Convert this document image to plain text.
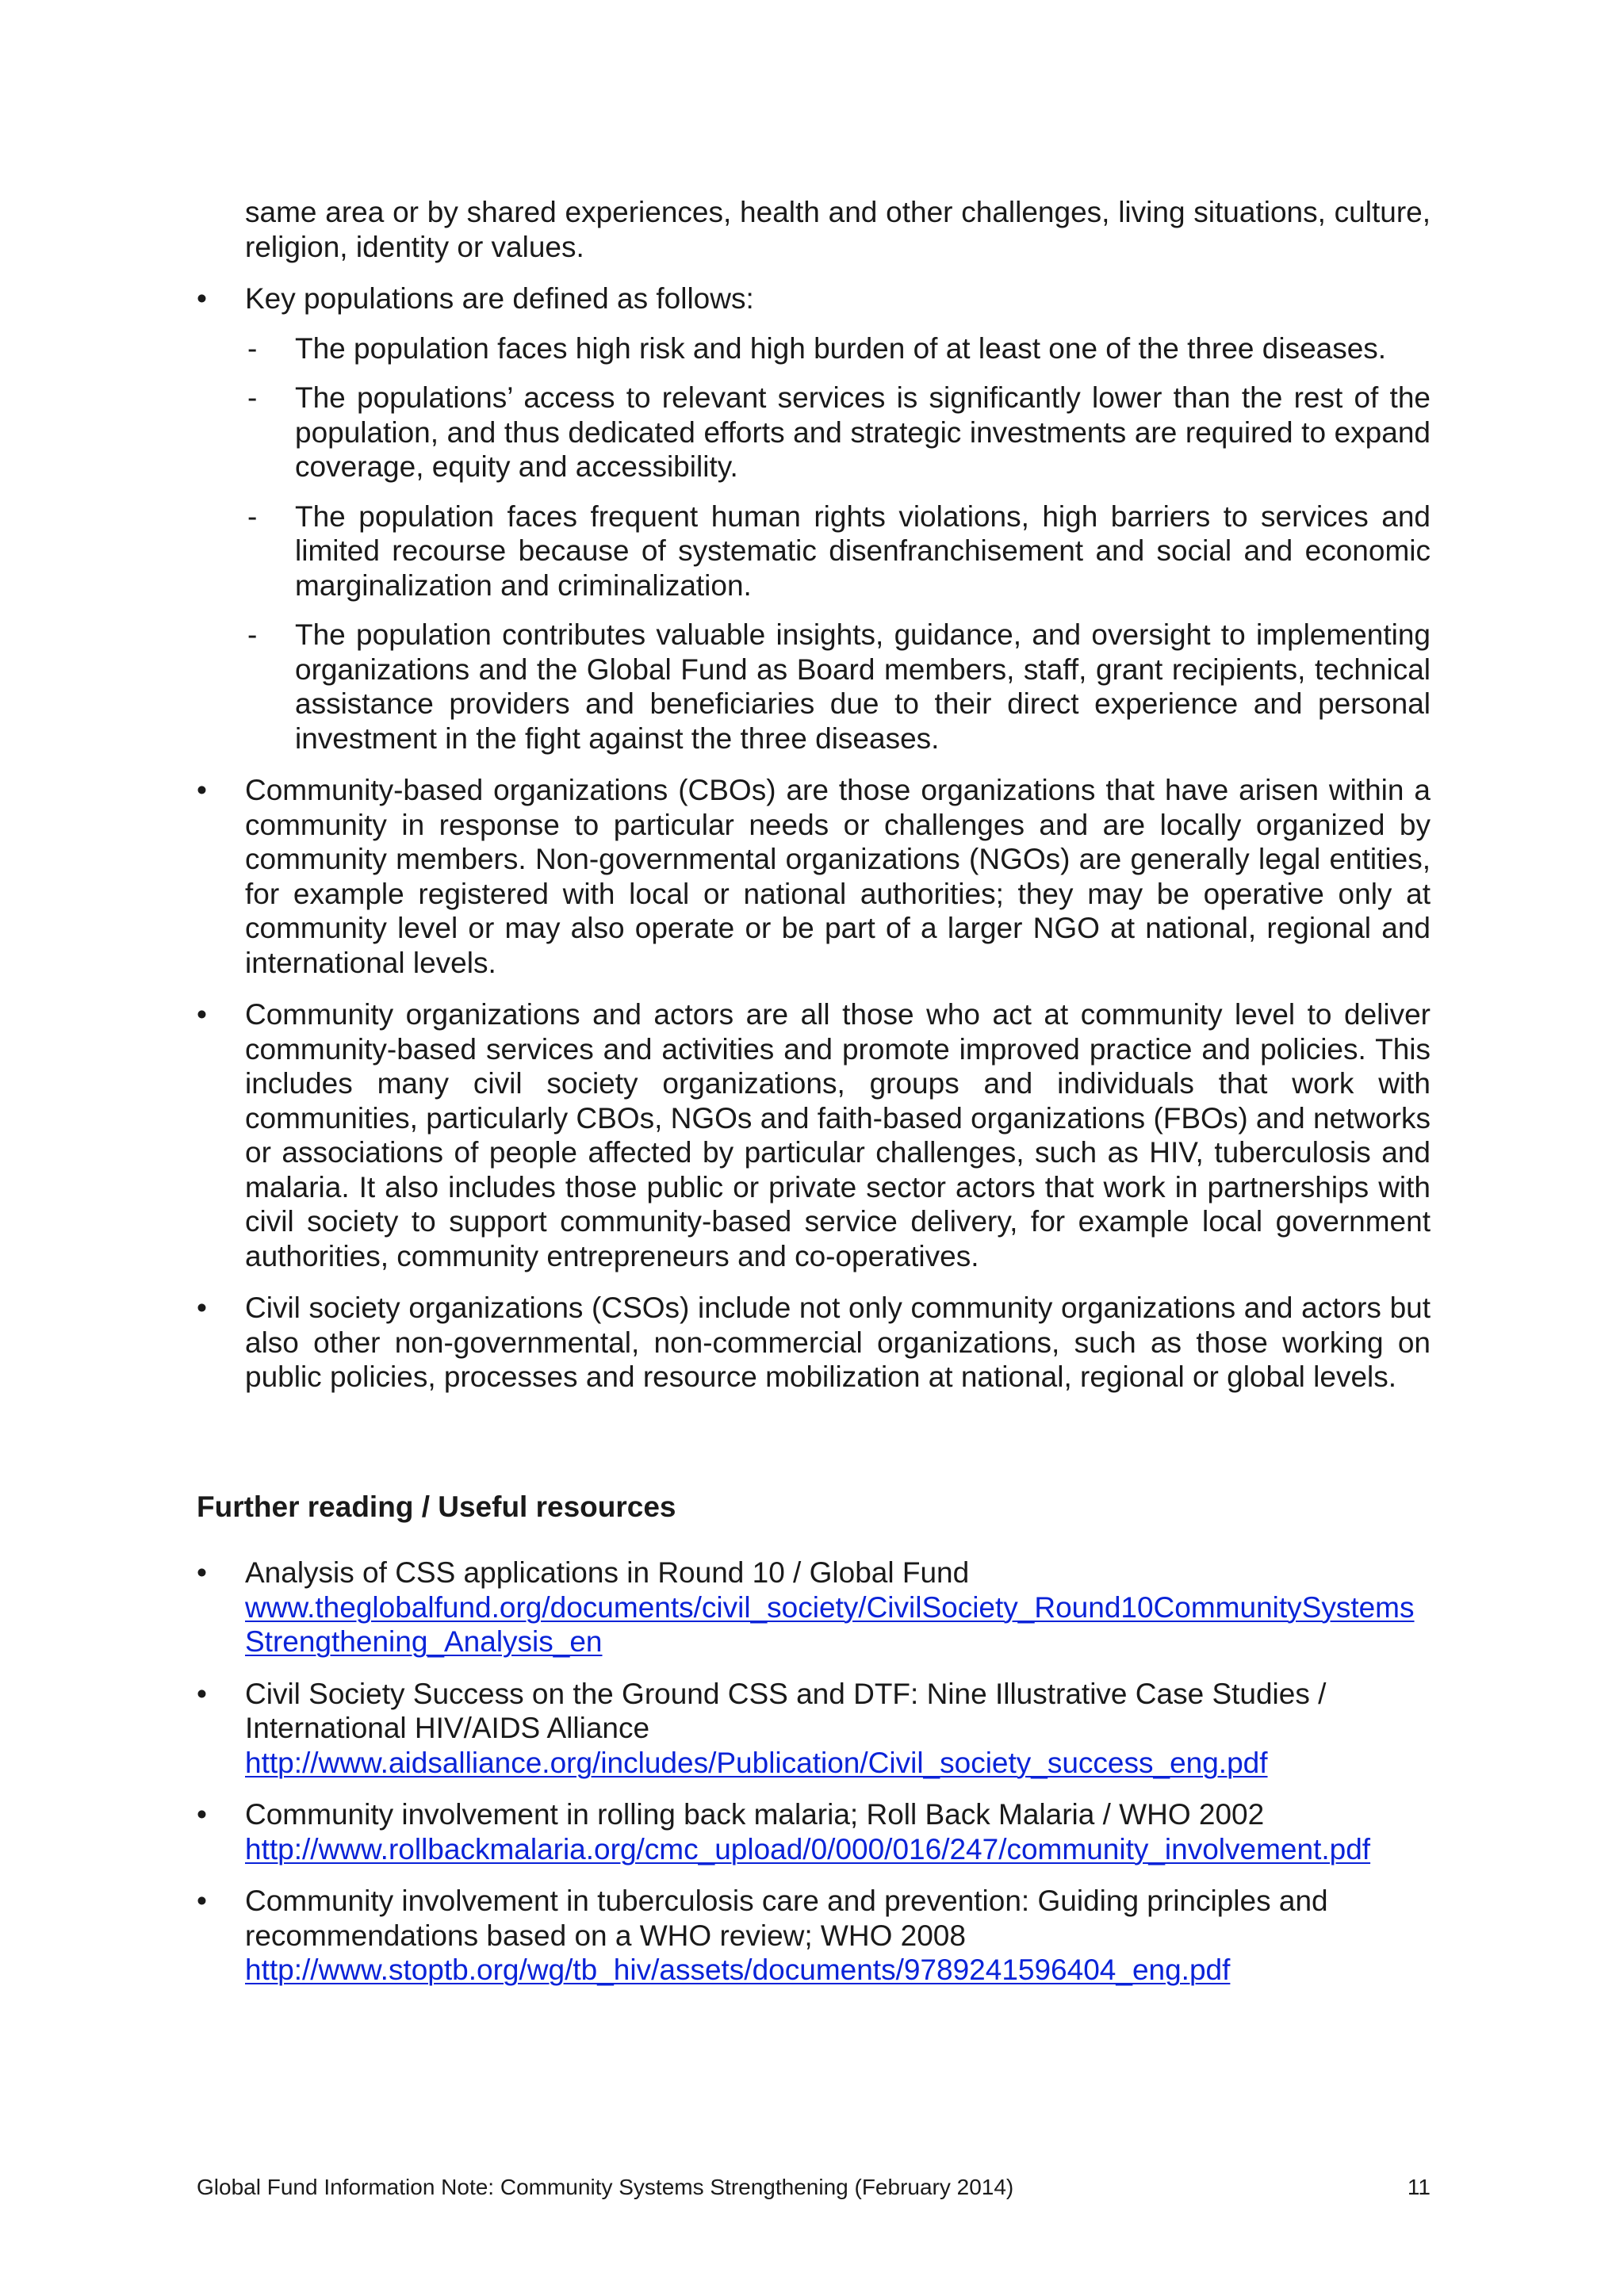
same area or by shared experiences, health and other challenges, living situations, culture, religion, identity or values.

•	Key populations are defined as follows:
- The population faces high risk and high burden of at least one of the three diseases.
- The populations’ access to relevant services is significantly lower than the rest of the population, and thus dedicated efforts and strategic investments are required to expand coverage, equity and accessibility.
- The population faces frequent human rights violations, high barriers to services and limited recourse because of systematic disenfranchisement and social and economic marginalization and criminalization.
- The population contributes valuable insights, guidance, and oversight to implementing organizations and the Global Fund as Board members, staff, grant recipients, technical assistance providers and beneficiaries due to their direct experience and personal investment in the fight against the three diseases.
•	Community-based organizations (CBOs) are those organizations that have arisen within a community in response to particular needs or challenges and are locally organized by community members. Non-governmental organizations (NGOs) are generally legal entities, for example registered with local or national authorities; they may be operative only at community level or may also operate or be part of a larger NGO at national, regional and international levels.
•	Community organizations and actors are all those who act at community level to deliver community-based services and activities and promote improved practice and policies. This includes many civil society organizations, groups and individuals that work with communities, particularly CBOs, NGOs and faith-based organizations (FBOs) and networks or associations of people affected by particular challenges, such as HIV, tuberculosis and malaria. It also includes those public or private sector actors that work in partnerships with civil society to support community-based service delivery, for example local government authorities, community entrepreneurs and co-operatives.
•	Civil society organizations (CSOs) include not only community organizations and actors but also other non-governmental, non-commercial organizations, such as those working on public policies, processes and resource mobilization at national, regional or global levels.

Further reading / Useful resources

•	Analysis of CSS applications in Round 10 / Global Fund
www.theglobalfund.org/documents/civil_society/CivilSociety_Round10CommunitySystemsStrengthening_Analysis_en
•	Civil Society Success on the Ground CSS and DTF: Nine Illustrative Case Studies / International HIV/AIDS Alliance
http://www.aidsalliance.org/includes/Publication/Civil_society_success_eng.pdf
•	Community involvement in rolling back malaria; Roll Back Malaria / WHO 2002
http://www.rollbackmalaria.org/cmc_upload/0/000/016/247/community_involvement.pdf
•	Community involvement in tuberculosis care and prevention: Guiding principles and recommendations based on a WHO review; WHO 2008
http://www.stoptb.org/wg/tb_hiv/assets/documents/9789241596404_eng.pdf
Global Fund Information Note: Community Systems Strengthening (February 2014)	11
